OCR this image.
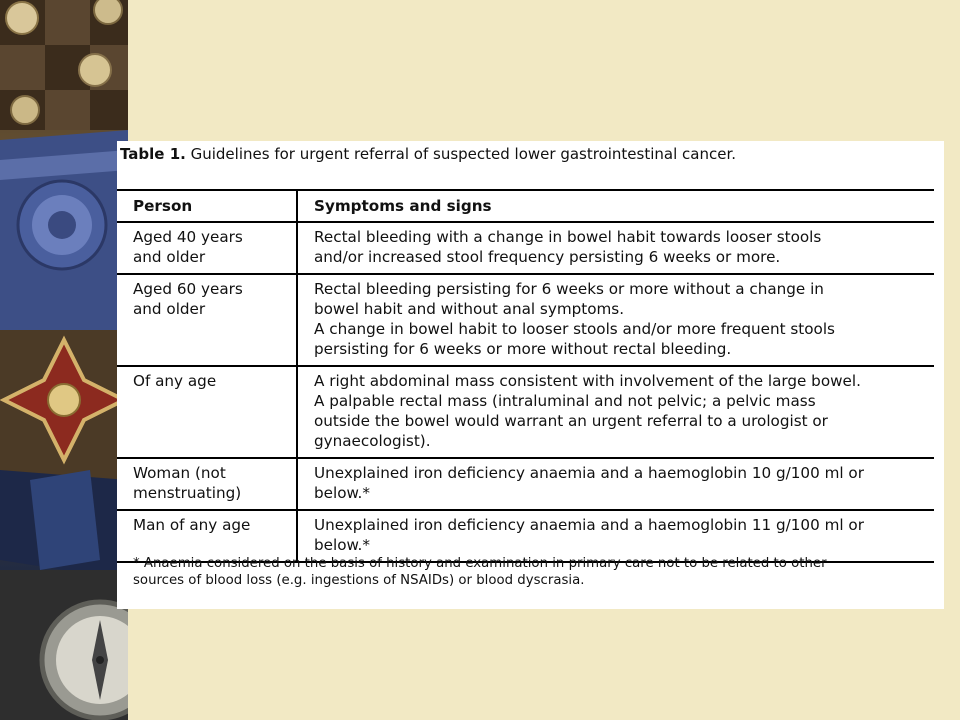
Table 1. Guidelines for urgent referral of suspected lower gastrointestinal cancer.
Person	Symptoms and signs

Aged 40 years
and older	Rectal bleeding with a change in bowel habit towards looser stools
and/or increased stool frequency persisting 6 weeks or more.

Aged 60 years
and older	Rectal bleeding persisting for 6 weeks or more without a change in
bowel habit and without anal symptoms.
A change in bowel habit to looser stools and/or more frequent stools
persisting for 6 weeks or more without rectal bleeding.

Of any age	A right abdominal mass consistent with involvement of the large bowel.
A palpable rectal mass (intraluminal and not pelvic; a pelvic mass
outside the bowel would warrant an urgent referral to a urologist or
gynaecologist).

Woman (not
menstruating)	Unexplained iron deficiency anaemia and a haemoglobin 10 g/100 ml or
below.*

Man of any age	Unexplained iron deficiency anaemia and a haemoglobin 11 g/100 ml or
below.*
* Anaemia considered on the basis of history and examination in primary care not to be related to other
sources of blood loss (e.g. ingestions of NSAIDs) or blood dyscrasia.
